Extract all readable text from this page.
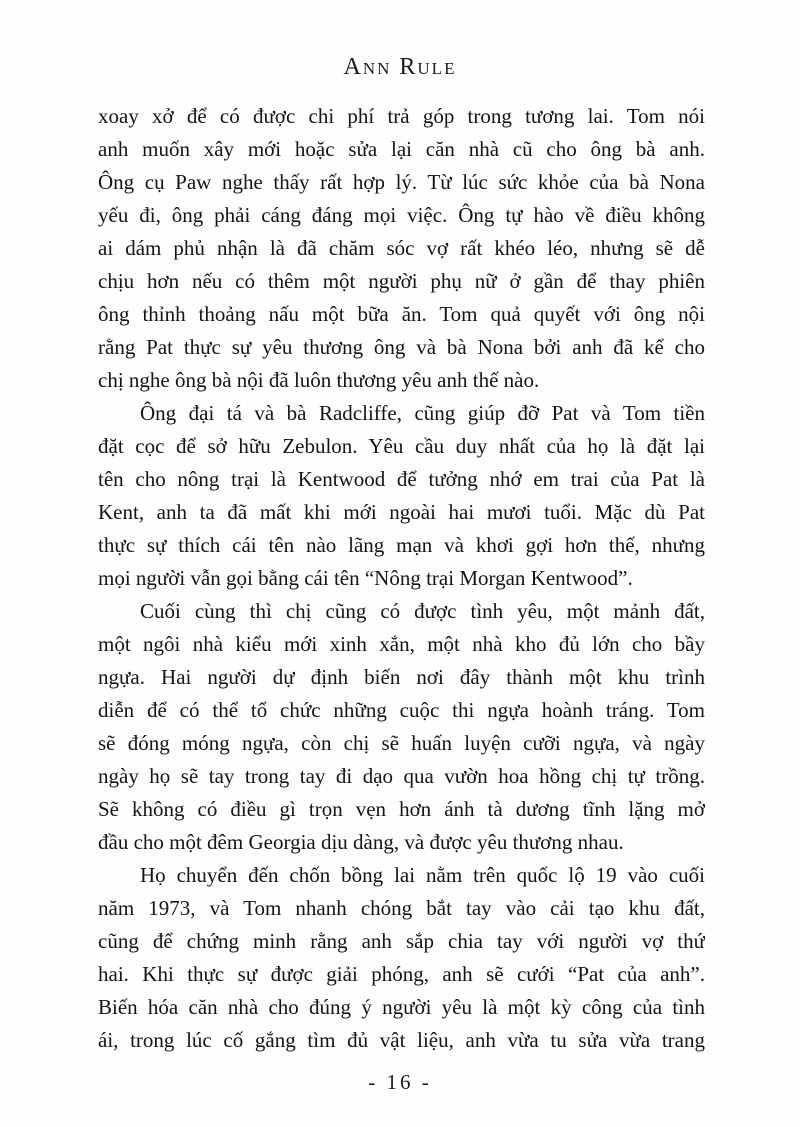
Ann Rule
xoay xở để có được chi phí trả góp trong tương lai. Tom nói
anh muốn xây mới hoặc sửa lại căn nhà cũ cho ông bà anh.
Ông cụ Paw nghe thấy rất hợp lý. Từ lúc sức khỏe của bà Nona
yếu đi, ông phải cáng đáng mọi việc. Ông tự hào về điều không
ai dám phủ nhận là đã chăm sóc vợ rất khéo léo, nhưng sẽ dễ
chịu hơn nếu có thêm một người phụ nữ ở gần để thay phiên
ông thỉnh thoảng nấu một bữa ăn. Tom quả quyết với ông nội
rằng Pat thực sự yêu thương ông và bà Nona bởi anh đã kể cho
chị nghe ông bà nội đã luôn thương yêu anh thế nào.
Ông đại tá và bà Radcliffe, cũng giúp đỡ Pat và Tom tiền
đặt cọc để sở hữu Zebulon. Yêu cầu duy nhất của họ là đặt lại
tên cho nông trại là Kentwood để tưởng nhớ em trai của Pat là
Kent, anh ta đã mất khi mới ngoài hai mươi tuổi. Mặc dù Pat
thực sự thích cái tên nào lãng mạn và khơi gợi hơn thế, nhưng
mọi người vẫn gọi bằng cái tên “Nông trại Morgan Kentwood”.
Cuối cùng thì chị cũng có được tình yêu, một mảnh đất,
một ngôi nhà kiểu mới xinh xắn, một nhà kho đủ lớn cho bầy
ngựa. Hai người dự định biến nơi đây thành một khu trình
diễn để có thể tổ chức những cuộc thi ngựa hoành tráng. Tom
sẽ đóng móng ngựa, còn chị sẽ huấn luyện cưỡi ngựa, và ngày
ngày họ sẽ tay trong tay đi dạo qua vườn hoa hồng chị tự trồng.
Sẽ không có điều gì trọn vẹn hơn ánh tà dương tĩnh lặng mở
đầu cho một đêm Georgia dịu dàng, và được yêu thương nhau.
Họ chuyển đến chốn bồng lai nằm trên quốc lộ 19 vào cuối
năm 1973, và Tom nhanh chóng bắt tay vào cải tạo khu đất,
cũng để chứng minh rằng anh sắp chia tay với người vợ thứ
hai. Khi thực sự được giải phóng, anh sẽ cưới “Pat của anh”.
Biến hóa căn nhà cho đúng ý người yêu là một kỳ công của tình
ái, trong lúc cố gắng tìm đủ vật liệu, anh vừa tu sửa vừa trang
- 16 -
